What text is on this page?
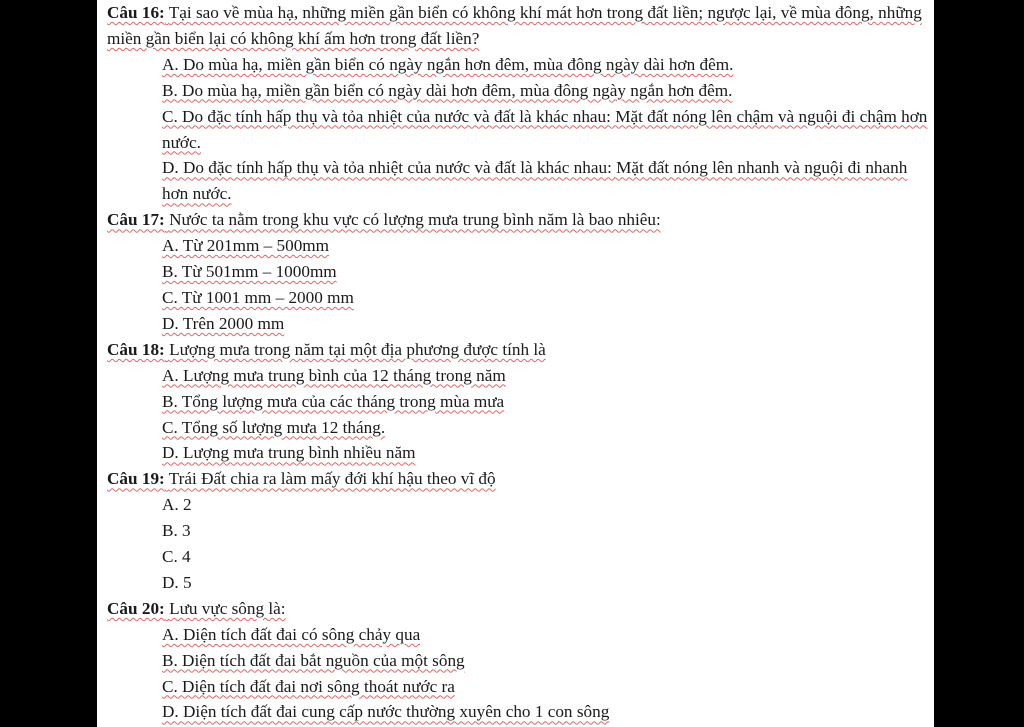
Câu 16: Tại sao về mùa hạ, những miền gần biển có không khí mát hơn trong đất liền; ngược lại, về mùa đông, những miền gần biển lại có không khí ấm hơn trong đất liền?
A. Do mùa hạ, miền gần biển có ngày ngắn hơn đêm, mùa đông ngày dài hơn đêm.
B. Do mùa hạ, miền gần biển có ngày dài hơn đêm, mùa đông ngày ngắn hơn đêm.
C. Do đặc tính hấp thụ và tỏa nhiệt của nước và đất là khác nhau: Mặt đất nóng lên chậm và nguội đi chậm hơn nước.
D. Do đặc tính hấp thụ và tỏa nhiệt của nước và đất là khác nhau: Mặt đất nóng lên nhanh và nguội đi nhanh hơn nước.
Câu 17: Nước ta nằm trong khu vực có lượng mưa trung bình năm là bao nhiêu:
A. Từ 201mm – 500mm
B. Từ 501mm – 1000mm
C. Từ 1001 mm – 2000 mm
D. Trên 2000 mm
Câu 18: Lượng mưa trong năm tại một địa phương được tính là
A. Lượng mưa trung bình của 12 tháng trong năm
B. Tổng lượng mưa của các tháng trong mùa mưa
C. Tổng số lượng mưa 12 tháng.
D. Lượng mưa trung bình nhiều năm
Câu 19: Trái Đất chia ra làm mấy đới khí hậu theo vĩ độ
A. 2
B. 3
C. 4
D. 5
Câu 20: Lưu vực sông là:
A. Diện tích đất đai có sông chảy qua
B. Diện tích đất đai bắt nguồn của một sông
C. Diện tích đất đai nơi sông thoát nước ra
D. Diện tích đất đai cung cấp nước thường xuyên cho 1 con sông
